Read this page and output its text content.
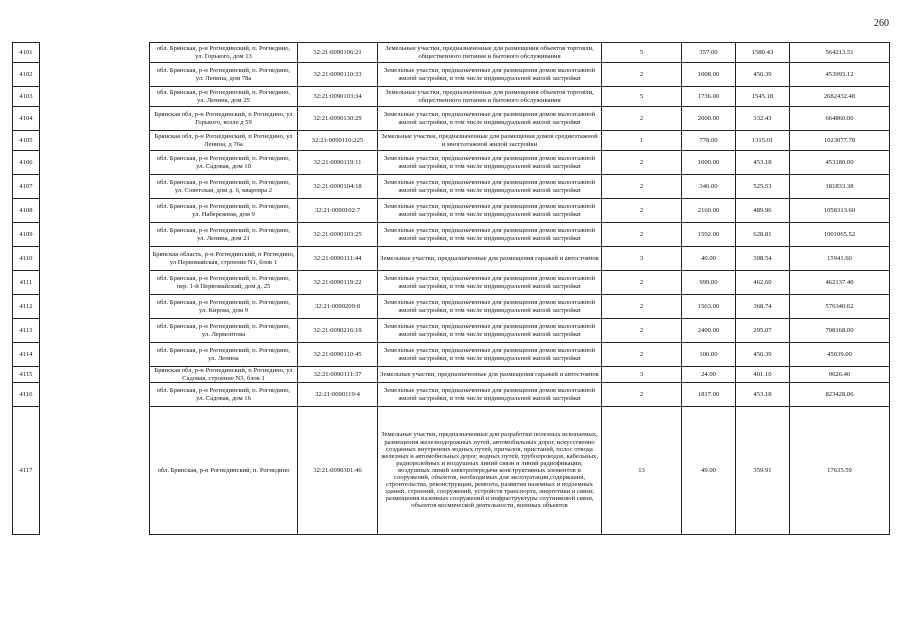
260
4101		обл. Брянская, р-н Рогнединский, п. Рогнедино, ул. Горького, дом 13	32:21:0090106:21	Земельные участки, предназначенные для размещения объектов торговли, общественного питания и бытового обслуживания	5	357.00	1580.43	564213.51
4102		обл. Брянская, р-н Рогнединский, п. Рогнедино, ул. Ленина, дом 78а	32:21:0090110:33	Земельные участки, предназначенные для размещения домов малоэтажной жилой застройки, в том числе индивидуальной жилой застройки	2	1008.00	450.39	453993.12
4103		обл. Брянская, р-н Рогнединский, п. Рогнедино, ул. Ленина, дом 25	32:21:0090103:34	Земельные участки, предназначенные для размещения объектов торговли, общественного питания и бытового обслуживания	5	1736.00	1545.18	2682432.48
4104		Брянская обл, р-н Рогнединский, п Рогнедино, ул Горького, возле д 59	32:21:0090130:29	Земельные участки, предназначенные для размещения домов малоэтажной жилой застройки, в том числе индивидуальной жилой застройки	2	2000.00	332.43	664860.00
4105		Брянская обл, р-н Рогнединский, п Рогнедино, ул Ленина, д 76а	32:21:0090110:225	Земельные участки, предназначенные для размещения домов среднеэтажной и многоэтажной жилой застройки	1	778.00	1315.01	1023077.78
4106		обл. Брянская, р-н Рогнединский, п. Рогнедино, ул. Садовая, дом 10	32:21:0090119:11	Земельные участки, предназначенные для размещения домов малоэтажной жилой застройки, в том числе индивидуальной жилой застройки	2	1000.00	453.18	453180.00
4107		обл. Брянская, р-н Рогнединский, п. Рогнедино, ул. Советская, дом д. 6, квартира 2	32:21:0090104:18	Земельные участки, предназначенные для размещения домов малоэтажной жилой застройки, в том числе индивидуальной жилой застройки	2	346.00	525.53	181833.38
4108		обл. Брянская, р-н Рогнединский, п. Рогнедино, ул. Набережная, дом 9	32:21:0090102:7	Земельные участки, предназначенные для размещения домов малоэтажной жилой застройки, в том числе индивидуальной жилой застройки	2	2160.00	489.96	1058313.60
4109		обл. Брянская, р-н Рогнединский, п. Рогнедино, ул. Ленина, дом 21	32:21:0090103:25	Земельные участки, предназначенные для размещения домов малоэтажной жилой застройки, в том числе индивидуальной жилой застройки	2	1592.00	628.81	1001065.52
4110		Брянская область, р-н Рогнединский, п Рогнедино, ул Первомайская, строение N1, блок 1	32:21:0090111:44	Земельные участки, предназначенные для размещения гаражей и автостоянок	3	40.00	398.54	15941.60
4111		обл. Брянская, р-н Рогнединский, п. Рогнедино, пер. 1-й Первомайский, дом д. 25	32:21:0090119:22	Земельные участки, предназначенные для размещения домов малоэтажной жилой застройки, в том числе индивидуальной жилой застройки	2	999.00	462.60	462137.40
4112		обл. Брянская, р-н Рогнединский, п. Рогнедино, ул. Кирова, дом 9	32:21:0090209:8	Земельные участки, предназначенные для размещения домов малоэтажной жилой застройки, в том числе индивидуальной жилой застройки	2	1563.00	368.74	576340.62
4113		обл. Брянская, р-н Рогнединский, п. Рогнедино, ул. Лермонтова	32:21:0090216:19	Земельные участки, предназначенные для размещения домов малоэтажной жилой застройки, в том числе индивидуальной жилой застройки	2	2400.00	295.07	708168.00
4114		обл. Брянская, р-н Рогнединский, п. Рогнедино, ул. Ленина	32:21:0090110:45	Земельные участки, предназначенные для размещения домов малоэтажной жилой застройки, в том числе индивидуальной жилой застройки	2	100.00	450.39	45039.00
4115		Брянская обл, р-н Рогнединский, п Рогнедино, ул Садовая, строение N3, блок 1	32:21:0090111:37	Земельные участки, предназначенные для размещения гаражей и автостоянок	3	24.00	401.10	9626.40
4116		обл. Брянская, р-н Рогнединский, п. Рогнедино, ул. Садовая, дом 16	32:21:0090119:4	Земельные участки, предназначенные для размещения домов малоэтажной жилой застройки, в том числе индивидуальной жилой застройки	2	1817.00	453.18	823428.06
4117		обл. Брянская, р-н Рогнединский, п. Рогнедино	32:21:0090301:46	Земельные участки, предназначенные для разработки полезных ископаемых, размещения железнодорожных путей, автомобильных дорог, искусственно созданных внутренних водных путей, причалов, пристаней, полос отвода железных и автомобильных дорог, водных путей, трубопроводов, кабельных, радиорелейных и воздушных линий связи и линий радиофикации, воздушных линий электропередачи конструктивных элементов и сооружений, объектов, необходимых для эксплуатации,содержания, строительства, реконструкции, ремонта, развития наземных и подземных зданий, строений, сооружений, устройств транспорта, энергетики и связи; размещения наземных сооружений и инфраструктуры спутниковой связи, объектов космической деятельности, военных объектов	13	49.00	359.91	17635.59
